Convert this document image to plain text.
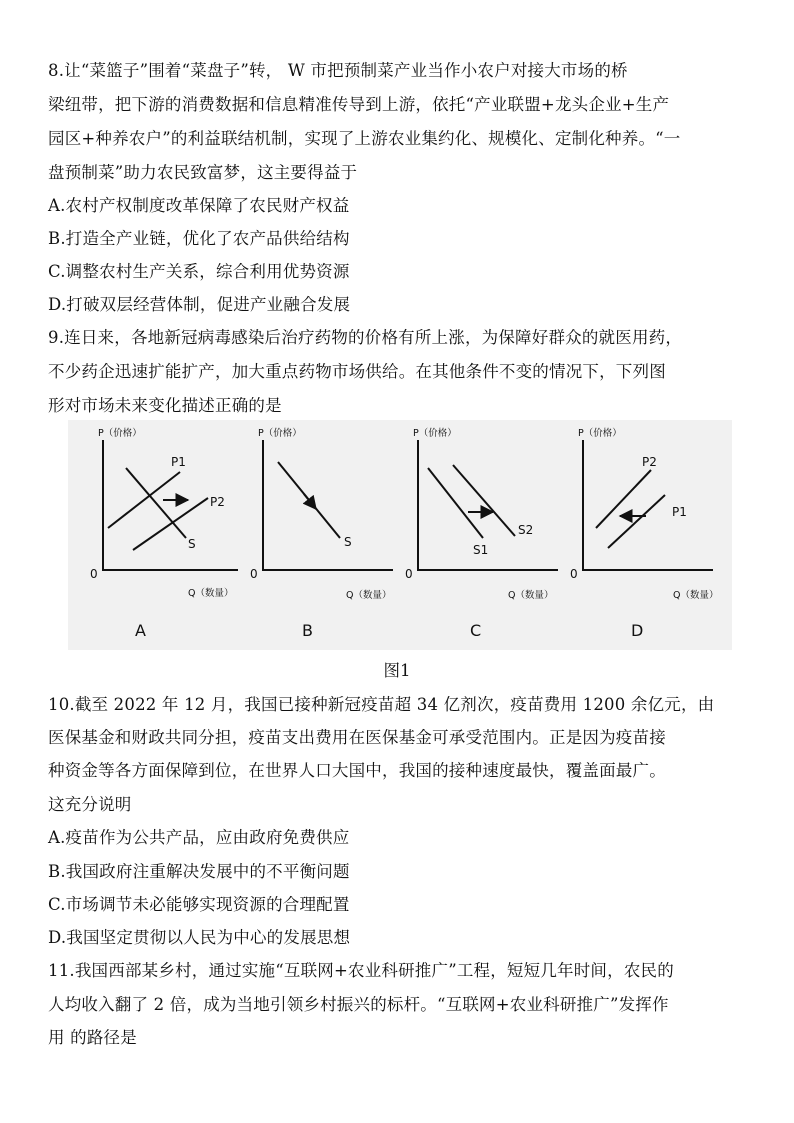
8.让“菜篮子”围着“菜盘子”转， W 市把预制菜产业当作小农户对接大市场的桥
梁纽带，把下游的消费数据和信息精准传导到上游，依托“产业联盟+龙头企业+生产
园区+种养农户”的利益联结机制，实现了上游农业集约化、规模化、定制化种养。“一
盘预制菜”助力农民致富梦，这主要得益于
A.农村产权制度改革保障了农民财产权益
B.打造全产业链，优化了农产品供给结构
C.调整农村生产关系，综合利用优势资源
D.打破双层经营体制，促进产业融合发展
9.连日来，各地新冠病毒感染后治疗药物的价格有所上涨，为保障好群众的就医用药，
不少药企迅速扩能扩产，加大重点药物市场供给。在其他条件不变的情况下，下列图
形对市场未来变化描述正确的是
P（价格）	P（价格）	P（价格）	P（价格）
Q（数量）	Q（数量）	Q（数量）	Q（数量）
0	0	0	0
P1
P2
S	S
S1
S2
P2
P1
A	B	C	D
图1
10.截至 2022 年 12 月，我国已接种新冠疫苗超 34 亿剂次，疫苗费用 1200 余亿元，由
医保基金和财政共同分担，疫苗支出费用在医保基金可承受范围内。正是因为疫苗接
种资金等各方面保障到位，在世界人口大国中，我国的接种速度最快，覆盖面最广。
这充分说明
A.疫苗作为公共产品，应由政府免费供应
B.我国政府注重解决发展中的不平衡问题
C.市场调节未必能够实现资源的合理配置
D.我国坚定贯彻以人民为中心的发展思想
11.我国西部某乡村，通过实施“互联网+农业科研推广”工程，短短几年时间，农民的
人均收入翻了 2 倍，成为当地引领乡村振兴的标杆。“互联网+农业科研推广”发挥作
用 的路径是
